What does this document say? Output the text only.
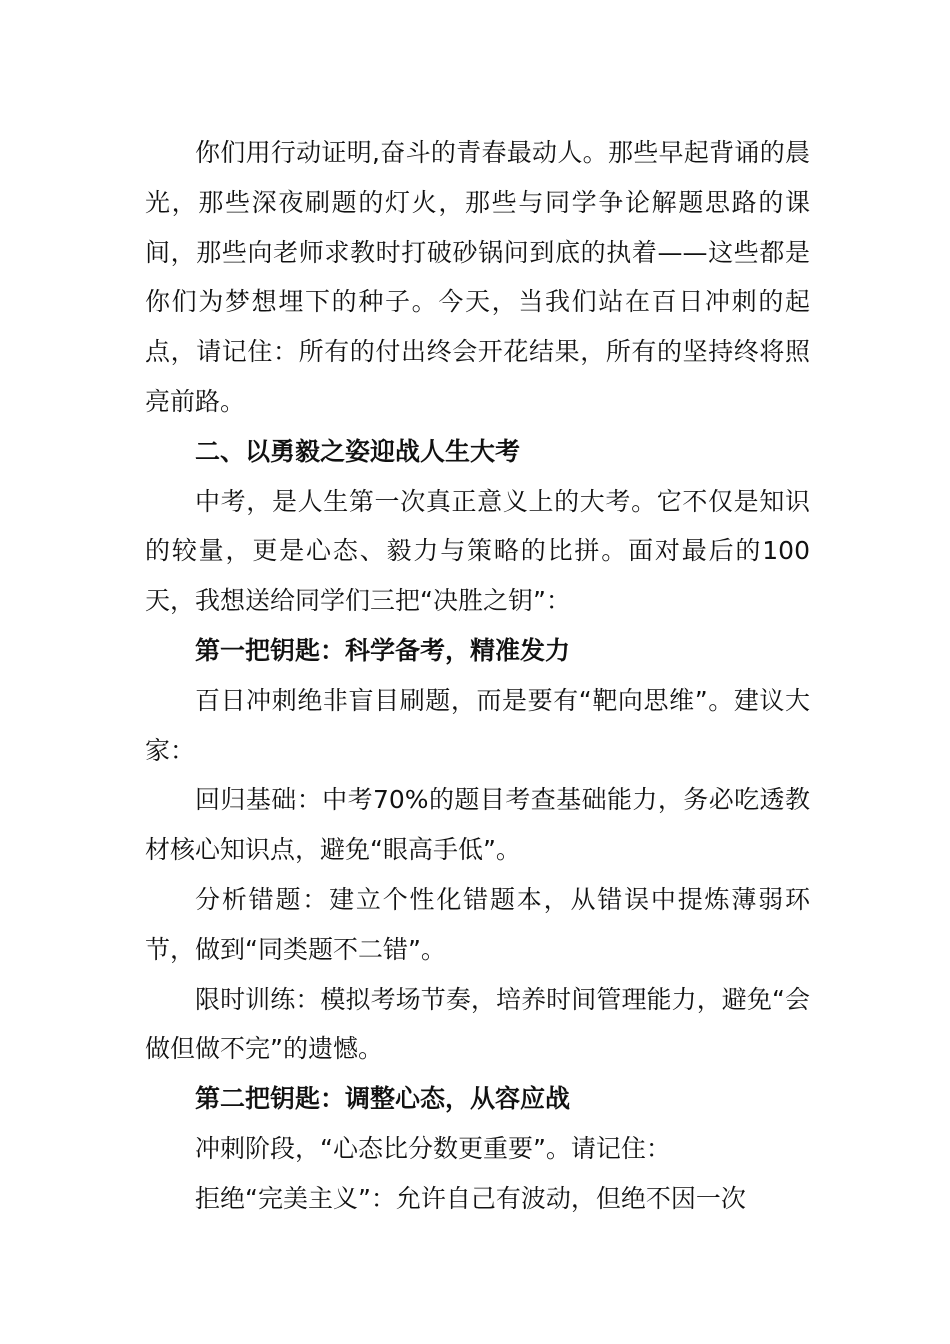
你们用行动证明,奋斗的青春最动人。那些早起背诵的晨光，那些深夜刷题的灯火，那些与同学争论解题思路的课间，那些向老师求教时打破砂锅问到底的执着——这些都是你们为梦想埋下的种子。今天，当我们站在百日冲刺的起点，请记住：所有的付出终会开花结果，所有的坚持终将照亮前路。

二、以勇毅之姿迎战人生大考

中考，是人生第一次真正意义上的大考。它不仅是知识的较量，更是心态、毅力与策略的比拼。面对最后的100天，我想送给同学们三把“决胜之钥”：

第一把钥匙：科学备考，精准发力

百日冲刺绝非盲目刷题，而是要有“靶向思维”。建议大家：

回归基础：中考70%的题目考查基础能力，务必吃透教材核心知识点，避免“眼高手低”。

分析错题：建立个性化错题本，从错误中提炼薄弱环节，做到“同类题不二错”。

限时训练：模拟考场节奏，培养时间管理能力，避免“会做但做不完”的遗憾。

第二把钥匙：调整心态，从容应战

冲刺阶段，“心态比分数更重要”。请记住：

拒绝“完美主义”：允许自己有波动，但绝不因一次
